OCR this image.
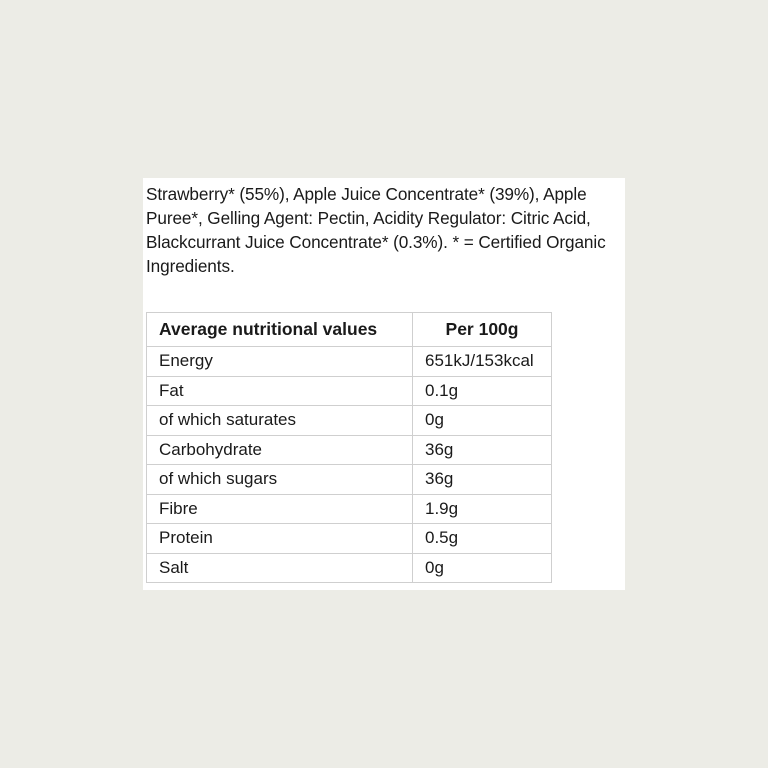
Strawberry* (55%), Apple Juice Concentrate* (39%), Apple Puree*, Gelling Agent: Pectin, Acidity Regulator: Citric Acid, Blackcurrant Juice Concentrate* (0.3%). * = Certified Organic Ingredients.

Average nutritional values	Per 100g
Energy	651kJ/153kcal
Fat	0.1g
of which saturates	0g
Carbohydrate	36g
of which sugars	36g
Fibre	1.9g
Protein	0.5g
Salt	0g
